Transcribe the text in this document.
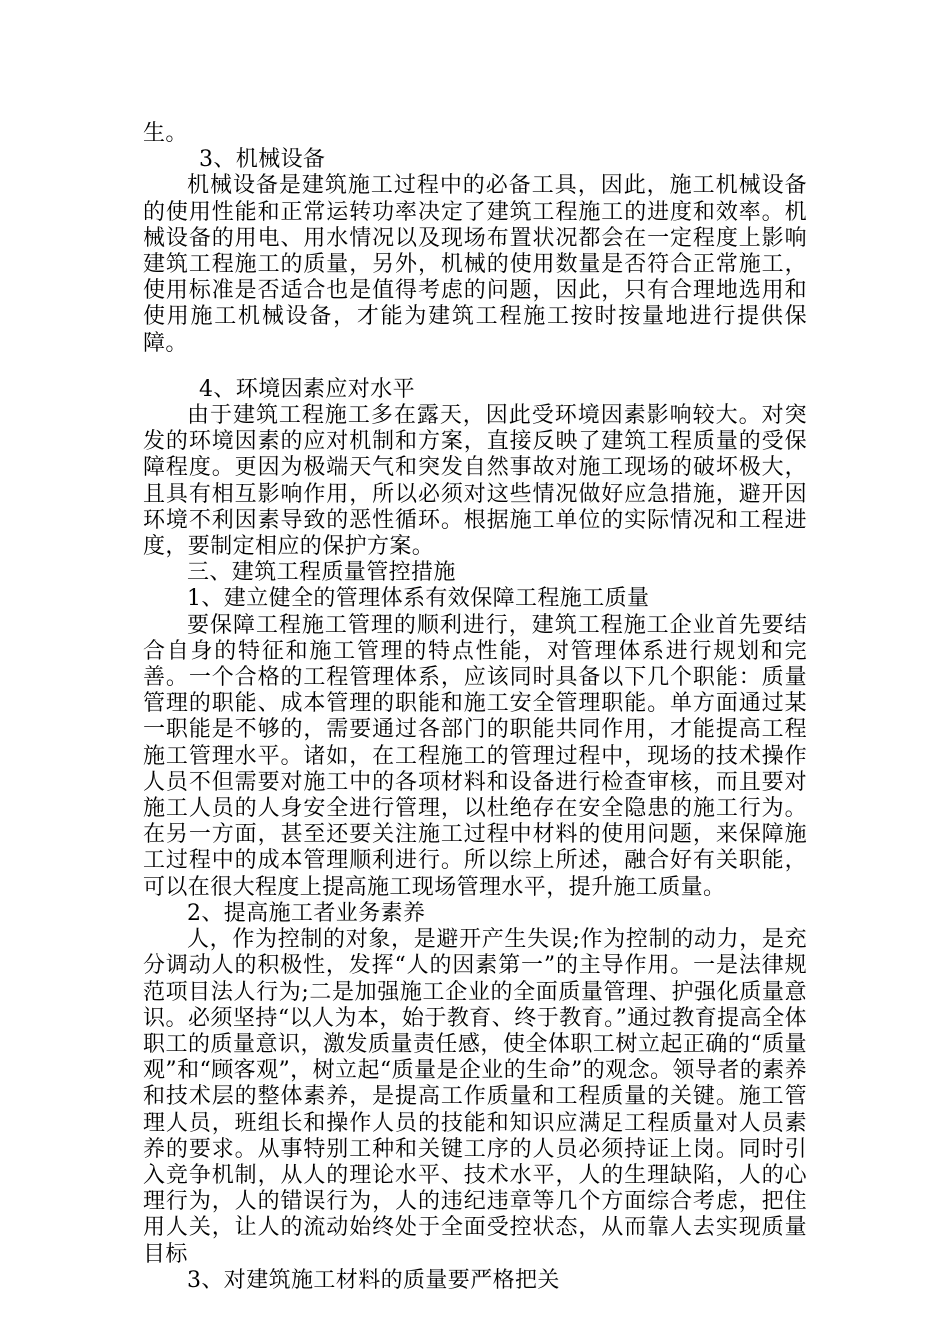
生。

3、机械设备

机械设备是建筑施工过程中的必备工具，因此，施工机械设备的使用性能和正常运转功率决定了建筑工程施工的进度和效率。机械设备的用电、用水情况以及现场布置状况都会在一定程度上影响建筑工程施工的质量，另外，机械的使用数量是否符合正常施工，使用标准是否适合也是值得考虑的问题，因此，只有合理地选用和使用施工机械设备，才能为建筑工程施工按时按量地进行提供保障。

4、环境因素应对水平

由于建筑工程施工多在露天，因此受环境因素影响较大。对突发的环境因素的应对机制和方案，直接反映了建筑工程质量的受保障程度。更因为极端天气和突发自然事故对施工现场的破坏极大，且具有相互影响作用，所以必须对这些情况做好应急措施，避开因环境不利因素导致的恶性循环。根据施工单位的实际情况和工程进度，要制定相应的保护方案。

三、建筑工程质量管控措施

1、建立健全的管理体系有效保障工程施工质量

要保障工程施工管理的顺利进行，建筑工程施工企业首先要结合自身的特征和施工管理的特点性能，对管理体系进行规划和完善。一个合格的工程管理体系，应该同时具备以下几个职能：质量管理的职能、成本管理的职能和施工安全管理职能。单方面通过某一职能是不够的，需要通过各部门的职能共同作用，才能提高工程施工管理水平。诸如，在工程施工的管理过程中，现场的技术操作人员不但需要对施工中的各项材料和设备进行检查审核，而且要对施工人员的人身安全进行管理，以杜绝存在安全隐患的施工行为。在另一方面，甚至还要关注施工过程中材料的使用问题，来保障施工过程中的成本管理顺利进行。所以综上所述，融合好有关职能，可以在很大程度上提高施工现场管理水平，提升施工质量。

2、提高施工者业务素养

人，作为控制的对象，是避开产生失误;作为控制的动力，是充分调动人的积极性，发挥“人的因素第一”的主导作用。一是法律规范项目法人行为;二是加强施工企业的全面质量管理、护强化质量意识。必须坚持“以人为本，始于教育、终于教育。”通过教育提高全体职工的质量意识，激发质量责任感，使全体职工树立起正确的“质量观”和“顾客观”，树立起“质量是企业的生命”的观念。领导者的素养和技术层的整体素养，是提高工作质量和工程质量的关键。施工管理人员，班组长和操作人员的技能和知识应满足工程质量对人员素养的要求。从事特别工种和关键工序的人员必须持证上岗。同时引入竞争机制，从人的理论水平、技术水平，人的生理缺陷，人的心理行为，人的错误行为，人的违纪违章等几个方面综合考虑，把住用人关，让人的流动始终处于全面受控状态，从而靠人去实现质量目标

3、对建筑施工材料的质量要严格把关
